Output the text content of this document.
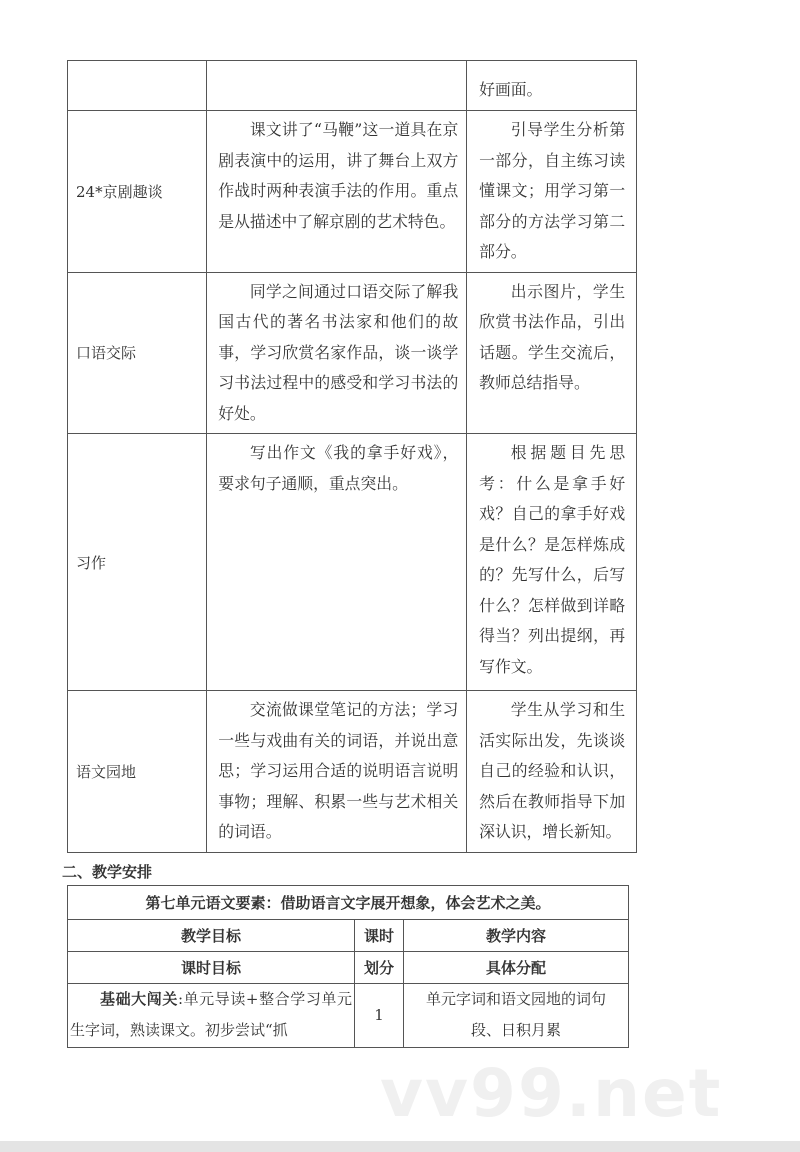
		好画面。

24*京剧趣谈	课文讲了“马鞭”这一道具在京剧表演中的运用，讲了舞台上双方作战时两种表演手法的作用。重点是从描述中了解京剧的艺术特色。	引导学生分析第一部分，自主练习读懂课文；用学习第一部分的方法学习第二部分。

口语交际	同学之间通过口语交际了解我国古代的著名书法家和他们的故事，学习欣赏名家作品，谈一谈学习书法过程中的感受和学习书法的好处。	出示图片，学生欣赏书法作品，引出话题。学生交流后，教师总结指导。

习作	写出作文《我的拿手好戏》，要求句子通顺，重点突出。	根据题目先思考：什么是拿手好戏？自己的拿手好戏是什么？是怎样炼成的？先写什么，后写什么？怎样做到详略得当？列出提纲，再写作文。

语文园地	交流做课堂笔记的方法；学习一些与戏曲有关的词语，并说出意思；学习运用合适的说明语言说明事物；理解、积累一些与艺术相关的词语。	学生从学习和生活实际出发，先谈谈自己的经验和认识，然后在教师指导下加深认识，增长新知。
二、教学安排
第七单元语文要素：借助语言文字展开想象，体会艺术之美。		
教学目标	课时	教学内容
课时目标	划分	具体分配
基础大闯关:单元导读+整合学习单元生字词，熟读课文。初步尝试“抓	1	单元字词和语文园地的词句段、日积月累
vv99.net
